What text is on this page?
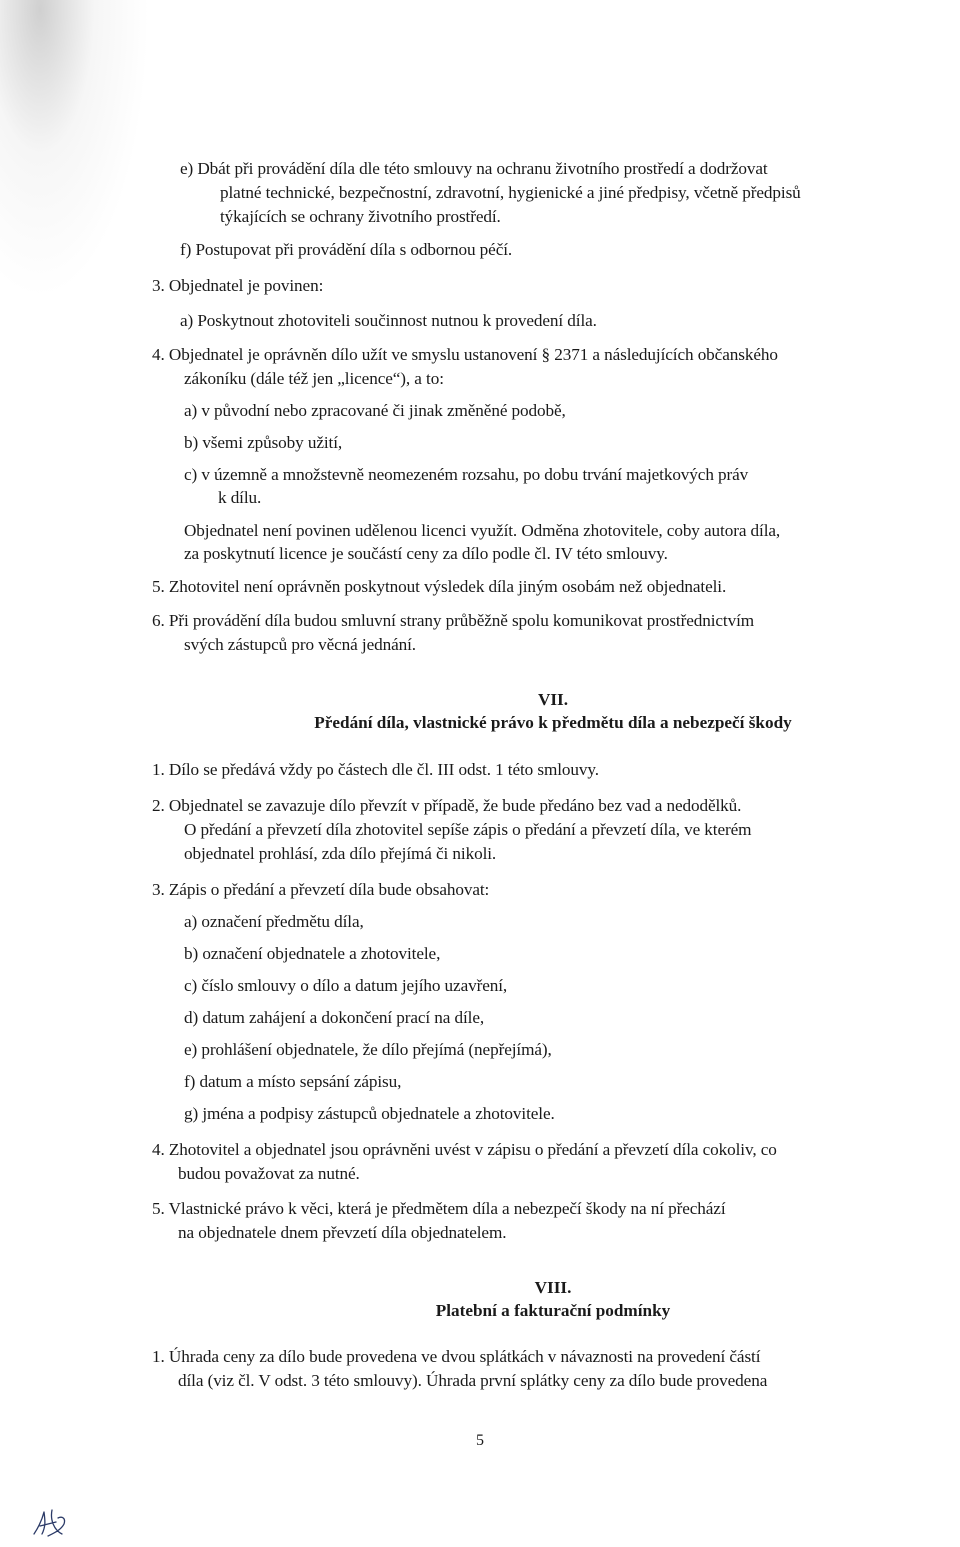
e) Dbát při provádění díla dle této smlouvy na ochranu životního prostředí a dodržovat
platné technické, bezpečnostní, zdravotní, hygienické a jiné předpisy, včetně předpisů
týkajících se ochrany životního prostředí.
f) Postupovat při provádění díla s odbornou péčí.
3. Objednatel je povinen:
a) Poskytnout zhotoviteli součinnost nutnou k provedení díla.
4. Objednatel je oprávněn dílo užít ve smyslu ustanovení § 2371 a následujících občanského
zákoníku (dále též jen „licence“), a to:
a) v původní nebo zpracované či jinak změněné podobě,
b) všemi způsoby užití,
c) v územně a množstevně neomezeném rozsahu, po dobu trvání majetkových práv
k dílu.
Objednatel není povinen udělenou licenci využít. Odměna zhotovitele, coby autora díla,
za poskytnutí licence je součástí ceny za dílo podle čl. IV této smlouvy.
5. Zhotovitel není oprávněn poskytnout výsledek díla jiným osobám než objednateli.
6. Při provádění díla budou smluvní strany průběžně spolu komunikovat prostřednictvím
svých zástupců pro věcná jednání.
VII.
Předání díla, vlastnické právo k předmětu díla a nebezpečí škody
1. Dílo se předává vždy po částech dle čl. III odst. 1 této smlouvy.
2. Objednatel se zavazuje dílo převzít v případě, že bude předáno bez vad a nedodělků.
O předání a převzetí díla zhotovitel sepíše zápis o předání a převzetí díla, ve kterém
objednatel prohlásí, zda dílo přejímá či nikoli.
3. Zápis o předání a převzetí díla bude obsahovat:
a) označení předmětu díla,
b) označení objednatele a zhotovitele,
c) číslo smlouvy o dílo a datum jejího uzavření,
d) datum zahájení a dokončení prací na díle,
e) prohlášení objednatele, že dílo přejímá (nepřejímá),
f) datum a místo sepsání zápisu,
g) jména a podpisy zástupců objednatele a zhotovitele.
4. Zhotovitel a objednatel jsou oprávněni uvést v zápisu o předání a převzetí díla cokoliv, co
budou považovat za nutné.
5. Vlastnické právo k věci, která je předmětem díla a nebezpečí škody na ní přechází
na objednatele dnem převzetí díla objednatelem.
VIII.
Platební a fakturační podmínky
1. Úhrada ceny za dílo bude provedena ve dvou splátkách v návaznosti na provedení částí
díla (viz čl. V odst. 3 této smlouvy). Úhrada první splátky ceny za dílo bude provedena
5
